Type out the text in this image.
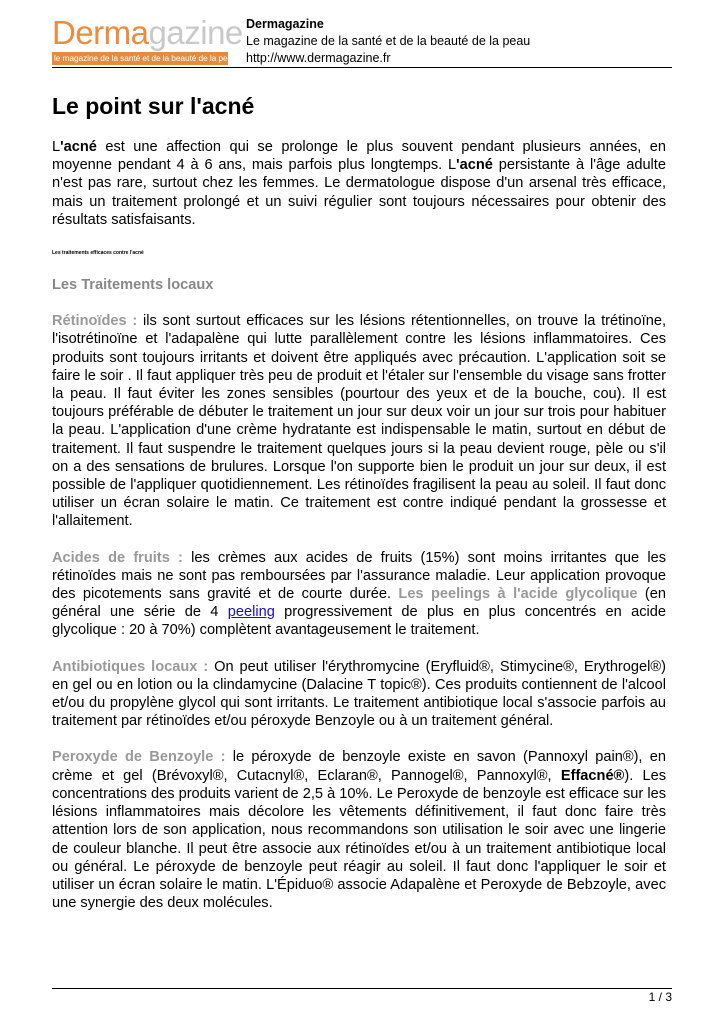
Dermagazine
le magazine de la santé et de la beauté de la peau
Dermagazine
Le magazine de la santé et de la beauté de la peau
http://www.dermagazine.fr
Le point sur l'acné

L'acné est une affection qui se prolonge le plus souvent pendant plusieurs années, en moyenne pendant 4 à 6 ans, mais parfois plus longtemps. L'acné persistante à l'âge adulte n'est pas rare, surtout chez les femmes. Le dermatologue dispose d'un arsenal très efficace, mais un traitement prolongé et un suivi régulier sont toujours nécessaires pour obtenir des résultats satisfaisants.

Les traitements efficaces contre l'acné

Les Traitements locaux

Rétinoïdes : ils sont surtout efficaces sur les lésions rétentionnelles, on trouve la trétinoïne, l'isotrétinoïne et l'adapalène qui lutte parallèlement contre les lésions inflammatoires. Ces produits sont toujours irritants et doivent être appliqués avec précaution. L'application soit se faire le soir . Il faut appliquer très peu de produit et l'étaler sur l'ensemble du visage sans frotter la peau. Il faut éviter les zones sensibles (pourtour des yeux et de la bouche, cou). Il est toujours préférable de débuter le traitement un jour sur deux voir un jour sur trois pour habituer la peau. L'application d'une crème hydratante est indispensable le matin, surtout en début de traitement. Il faut suspendre le traitement quelques jours si la peau devient rouge, pèle ou s'il on a des sensations de brulures. Lorsque l'on supporte bien le produit un jour sur deux, il est possible de l'appliquer quotidiennement. Les rétinoïdes fragilisent la peau au soleil. Il faut donc utiliser un écran solaire le matin. Ce traitement est contre indiqué pendant la grossesse et l'allaitement.

Acides de fruits : les crèmes aux acides de fruits (15%) sont moins irritantes que les rétinoïdes mais ne sont pas remboursées par l'assurance maladie. Leur application provoque des picotements sans gravité et de courte durée. Les peelings à l'acide glycolique (en général une série de 4 peeling progressivement de plus en plus concentrés en acide glycolique : 20 à 70%) complètent avantageusement le traitement.

Antibiotiques locaux : On peut utiliser l'érythromycine (Eryfluid®, Stimycine®, Erythrogel®) en gel ou en lotion ou la clindamycine (Dalacine T topic®). Ces produits contiennent de l'alcool et/ou du propylène glycol qui sont irritants. Le traitement antibiotique local s'associe parfois au traitement par rétinoïdes et/ou péroxyde Benzoyle ou à un traitement général.

Peroxyde de Benzoyle : le péroxyde de benzoyle existe en savon (Pannoxyl pain®), en crème et gel (Brévoxyl®, Cutacnyl®, Eclaran®, Pannogel®, Pannoxyl®, Effacné®). Les concentrations des produits varient de 2,5 à 10%. Le Peroxyde de benzoyle est efficace sur les lésions inflammatoires mais décolore les vêtements définitivement, il faut donc faire très attention lors de son application, nous recommandons son utilisation le soir avec une lingerie de couleur blanche. Il peut être associe aux rétinoïdes et/ou à un traitement antibiotique local ou général. Le péroxyde de benzoyle peut réagir au soleil. Il faut donc l'appliquer le soir et utiliser un écran solaire le matin. L'Épiduo® associe Adapalène et Peroxyde de Bebzoyle, avec une synergie des deux molécules.

1 / 3
